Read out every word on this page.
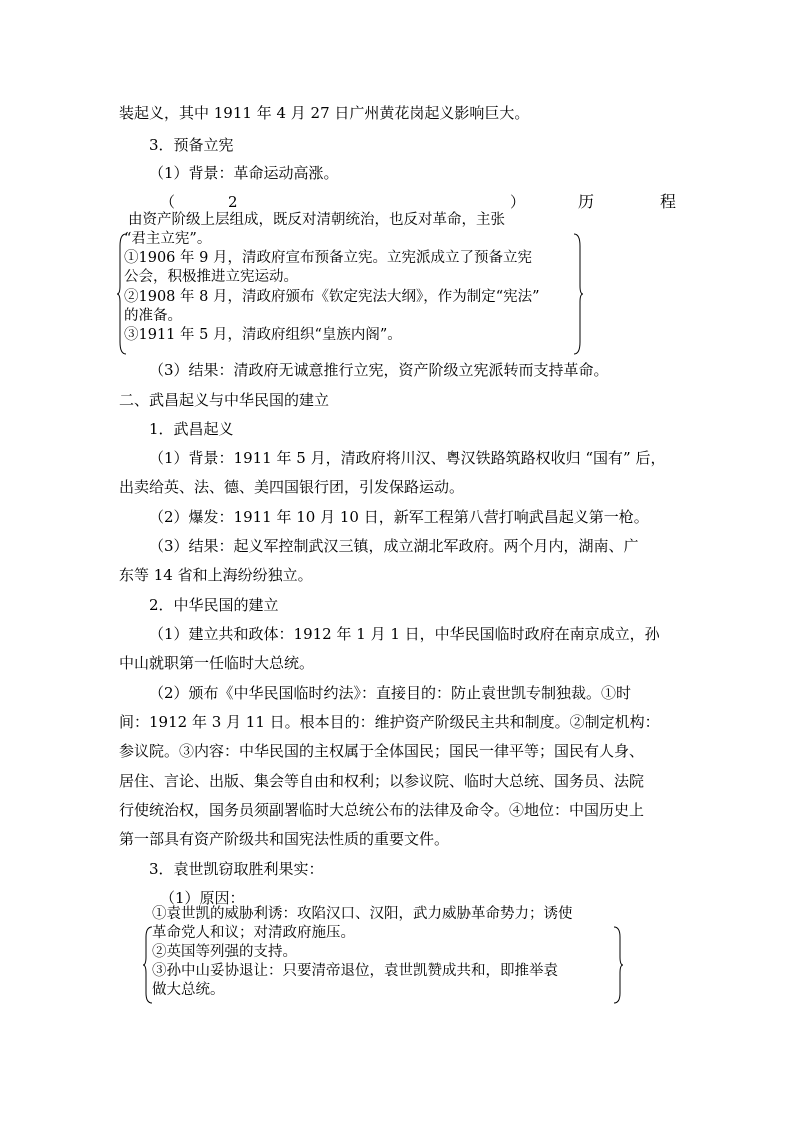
装起义，其中 1911 年 4 月 27 日广州黄花岗起义影响巨大。
3．预备立宪
（1）背景：革命运动高涨。
（	2	）	历	程
由资产阶级上层组成，既反对清朝统治，也反对革命，主张
“君主立宪”。
①1906 年 9 月，清政府宣布预备立宪。立宪派成立了预备立宪
公会，积极推进立宪运动。
②1908 年 8 月，清政府颁布《钦定宪法大纲》，作为制定“宪法”
的准备。
③1911 年 5 月，清政府组织“皇族内阁”。
（3）结果：清政府无诚意推行立宪，资产阶级立宪派转而支持革命。
二、武昌起义与中华民国的建立
1．武昌起义
（1）背景：1911 年 5 月，清政府将川汉、粤汉铁路筑路权收归 “国有” 后，
出卖给英、法、德、美四国银行团，引发保路运动。
（2）爆发：1911 年 10 月 10 日，新军工程第八营打响武昌起义第一枪。
（3）结果：起义军控制武汉三镇，成立湖北军政府。两个月内，湖南、广
东等 14 省和上海纷纷独立。
2．中华民国的建立
（1）建立共和政体：1912 年 1 月 1 日，中华民国临时政府在南京成立，孙
中山就职第一任临时大总统。
（2）颁布《中华民国临时约法》：直接目的：防止袁世凯专制独裁。①时
间：1912 年 3 月 11 日。根本目的：维护资产阶级民主共和制度。②制定机构：
参议院。③内容：中华民国的主权属于全体国民；国民一律平等；国民有人身、
居住、言论、出版、集会等自由和权利；以参议院、临时大总统、国务员、法院
行使统治权，国务员须副署临时大总统公布的法律及命令。④地位：中国历史上
第一部具有资产阶级共和国宪法性质的重要文件。
3．袁世凯窃取胜利果实：
（1）原因：
①袁世凯的威胁利诱：攻陷汉口、汉阳，武力威胁革命势力；诱使
革命党人和议；对清政府施压。
②英国等列强的支持。
③孙中山妥协退让：只要清帝退位，袁世凯赞成共和，即推举袁
做大总统。
